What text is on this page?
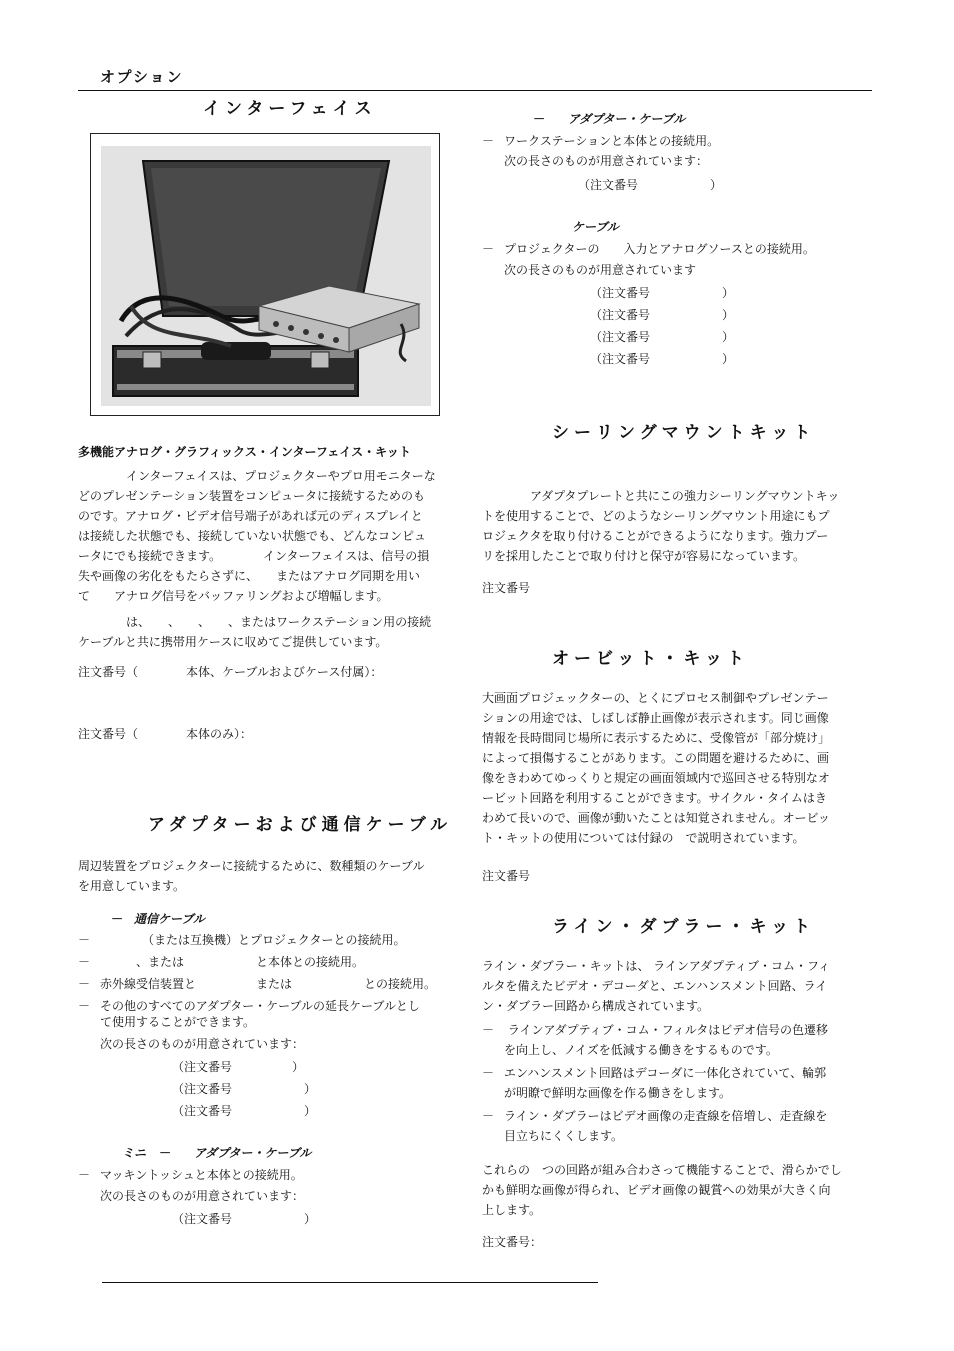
オプション
インターフェイス
多機能アナログ・グラフィックス・インターフェイス・キット
　　　　インターフェイスは、プロジェクターやプロ用モニターな
どのプレゼンテーション装置をコンピュータに接続するためのも
のです。アナログ・ビデオ信号端子があれば元のディスプレイと
は接続した状態でも、接続していない状態でも、どんなコンピュ
ータにでも接続できます。　　　　インターフェイスは、信号の損
失や画像の劣化をもたらさずに、　　またはアナログ同期を用い
て　　アナログ信号をバッファリングおよび増幅します。
　　　　は、　　、　　、　　、またはワークステーション用の接続
ケーブルと共に携帯用ケースに収めてご提供しています。
注文番号（　　　　本体、ケーブルおよびケース付属）：
注文番号（　　　　本体のみ）：
アダプターおよび通信ケーブル
周辺装置をプロジェクターに接続するために、数種類のケーブル
を用意しています。
　－　通信ケーブル
－　　　　（または互換機）とプロジェクターとの接続用。
－　　　、または　　　　　　と本体との接続用。
－ 赤外線受信装置と　　　　　または　　　　　　との接続用。
－ その他のすべてのアダプター・ケーブルの延長ケーブルとし
て使用することができます。
次の長さのものが用意されています：
（注文番号　　　　　）
（注文番号　　　　　　）
（注文番号　　　　　　）
ミニ　－　　アダプター・ケーブル
－ マッキントッシュと本体との接続用。
次の長さのものが用意されています：
（注文番号　　　　　　）
　－　　アダプター・ケーブル
－ ワークステーションと本体との接続用。
次の長さのものが用意されています：
（注文番号　　　　　　）
ケーブル
－ プロジェクターの　　入力とアナログソースとの接続用。
次の長さのものが用意されています
（注文番号　　　　　　）
（注文番号　　　　　　）
（注文番号　　　　　　）
（注文番号　　　　　　）
シーリングマウントキット
　　　　アダプタプレートと共にこの強力シーリングマウントキッ
トを使用することで、どのようなシーリングマウント用途にもプ
ロジェクタを取り付けることができるようになります。強力プー
リを採用したことで取り付けと保守が容易になっています。
注文番号
オービット・キット
大画面プロジェックターの、とくにプロセス制御やプレゼンテー
ションの用途では、しばしば静止画像が表示されます。同じ画像
情報を長時間同じ場所に表示するために、受像管が「部分焼け」
によって損傷することがあります。この問題を避けるために、画
像をきわめてゆっくりと規定の画面領域内で巡回させる特別なオ
ービット回路を利用することができます。サイクル・タイムはき
わめて長いので、画像が動いたことは知覚されません。オービッ
ト・キットの使用については付録の　で説明されています。
注文番号
ライン・ダブラー・キット
ライン・ダブラー・キットは、 ラインアダプティブ・コム・フィ
ルタを備えたビデオ・デコーダと、エンハンスメント回路、ライ
ン・ダブラー回路から構成されています。
－ ラインアダプティブ・コム・フィルタはビデオ信号の色遷移
を向上し、ノイズを低減する働きをするものです。
－ エンハンスメント回路はデコーダに一体化されていて、輪郭
が明瞭で鮮明な画像を作る働きをします。
－ ライン・ダブラーはビデオ画像の走査線を倍増し、走査線を
目立ちにくくします。
これらの　つの回路が組み合わさって機能することで、滑らかでし
かも鮮明な画像が得られ、ビデオ画像の観賞への効果が大きく向
上します。
注文番号：
